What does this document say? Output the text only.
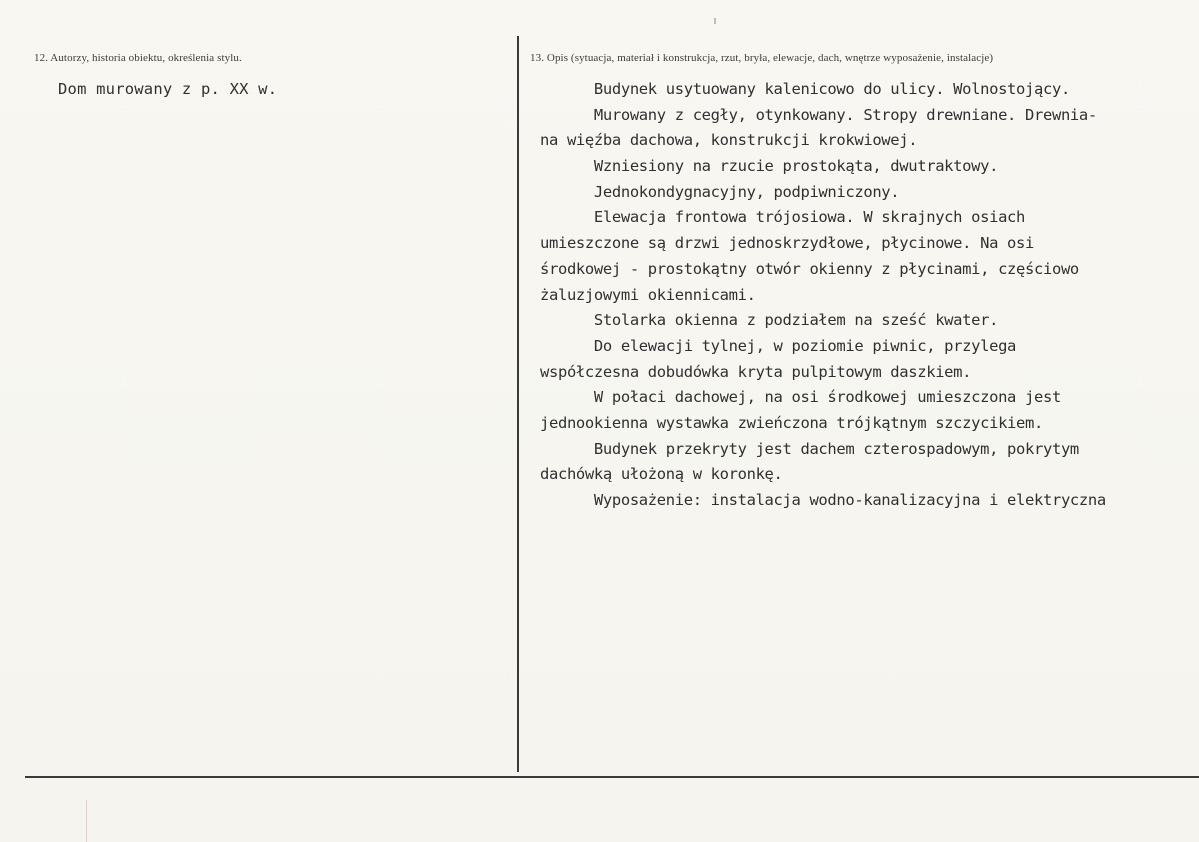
12. Autorzy, historia obiektu, określenia stylu.
Dom murowany z p. XX w.
13. Opis (sytuacja, materiał i konstrukcja, rzut, bryła, elewacje, dach, wnętrze wyposażenie, instalacje)
Budynek usytuowany kalenicowo do ulicy. Wolnostojący.
Murowany z cegły, otynkowany. Stropy drewniane. Drewnia-
na więźba dachowa, konstrukcji krokwiowej.
Wzniesiony na rzucie prostokąta, dwutraktowy.
Jednokondygnacyjny, podpiwniczony.
Elewacja frontowa trójosiowa. W skrajnych osiach
umieszczone są drzwi jednoskrzydłowe, płycinowe. Na osi
środkowej - prostokątny otwór okienny z płycinami, częściowo
żaluzjowymi okiennicami.
Stolarka okienna z podziałem na sześć kwater.
Do elewacji tylnej, w poziomie piwnic, przylega
współczesna dobudówka kryta pulpitowym daszkiem.
W połaci dachowej, na osi środkowej umieszczona jest
jednookienna wystawka zwieńczona trójkątnym szczycikiem.
Budynek przekryty jest dachem czterospadowym, pokrytym
dachówką ułożoną w koronkę.
Wyposażenie: instalacja wodno-kanalizacyjna i elektryczna
